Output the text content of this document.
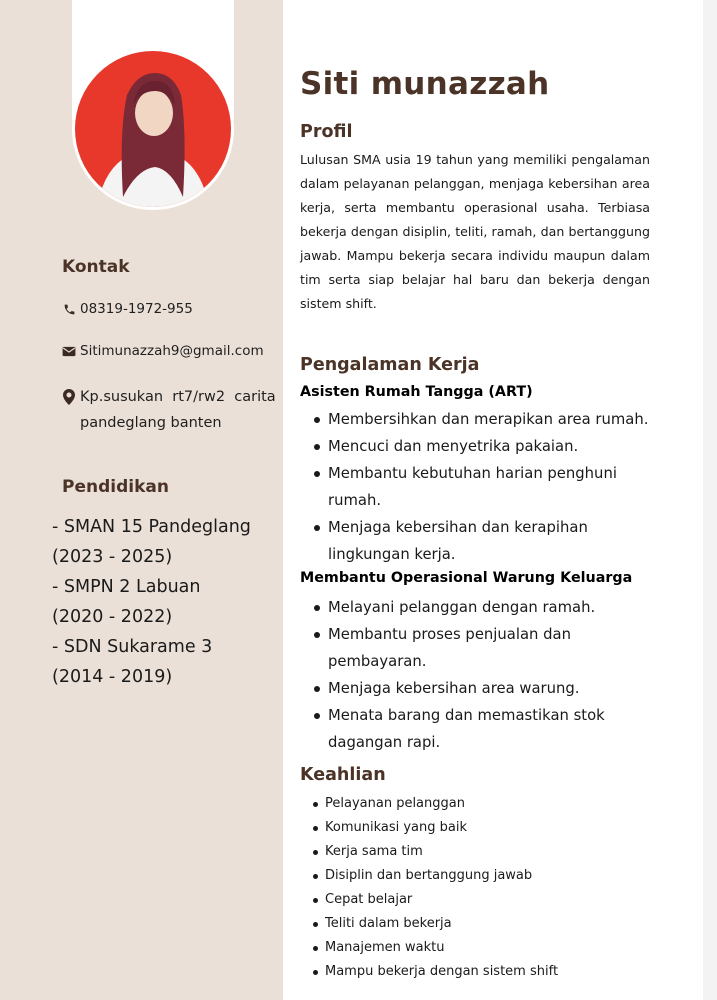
Kontak
08319-1972-955
Sitimunazzah9@gmail.com
Kp.susukan  rt7/rw2  carita
pandeglang banten
Pendidikan
- SMAN 15 Pandeglang
(2023 - 2025)
- SMPN 2 Labuan
(2020 - 2022)
- SDN Sukarame 3
(2014 - 2019)
Siti munazzah
Profil
Lulusan SMA usia 19 tahun yang memiliki pengalaman dalam pelayanan pelanggan, menjaga kebersihan area kerja, serta membantu operasional usaha. Terbiasa bekerja dengan disiplin, teliti, ramah, dan bertanggung jawab. Mampu bekerja secara individu maupun dalam tim serta siap belajar hal baru dan bekerja dengan sistem shift.
Pengalaman Kerja
Asisten Rumah Tangga (ART)
Membersihkan dan merapikan area rumah.
Mencuci dan menyetrika pakaian.
Membantu kebutuhan harian penghuni rumah.
Menjaga kebersihan dan kerapihan lingkungan kerja.
Membantu Operasional Warung Keluarga
Melayani pelanggan dengan ramah.
Membantu proses penjualan dan pembayaran.
Menjaga kebersihan area warung.
Menata barang dan memastikan stok dagangan rapi.
Keahlian
Pelayanan pelanggan
Komunikasi yang baik
Kerja sama tim
Disiplin dan bertanggung jawab
Cepat belajar
Teliti dalam bekerja
Manajemen waktu
Mampu bekerja dengan sistem shift
